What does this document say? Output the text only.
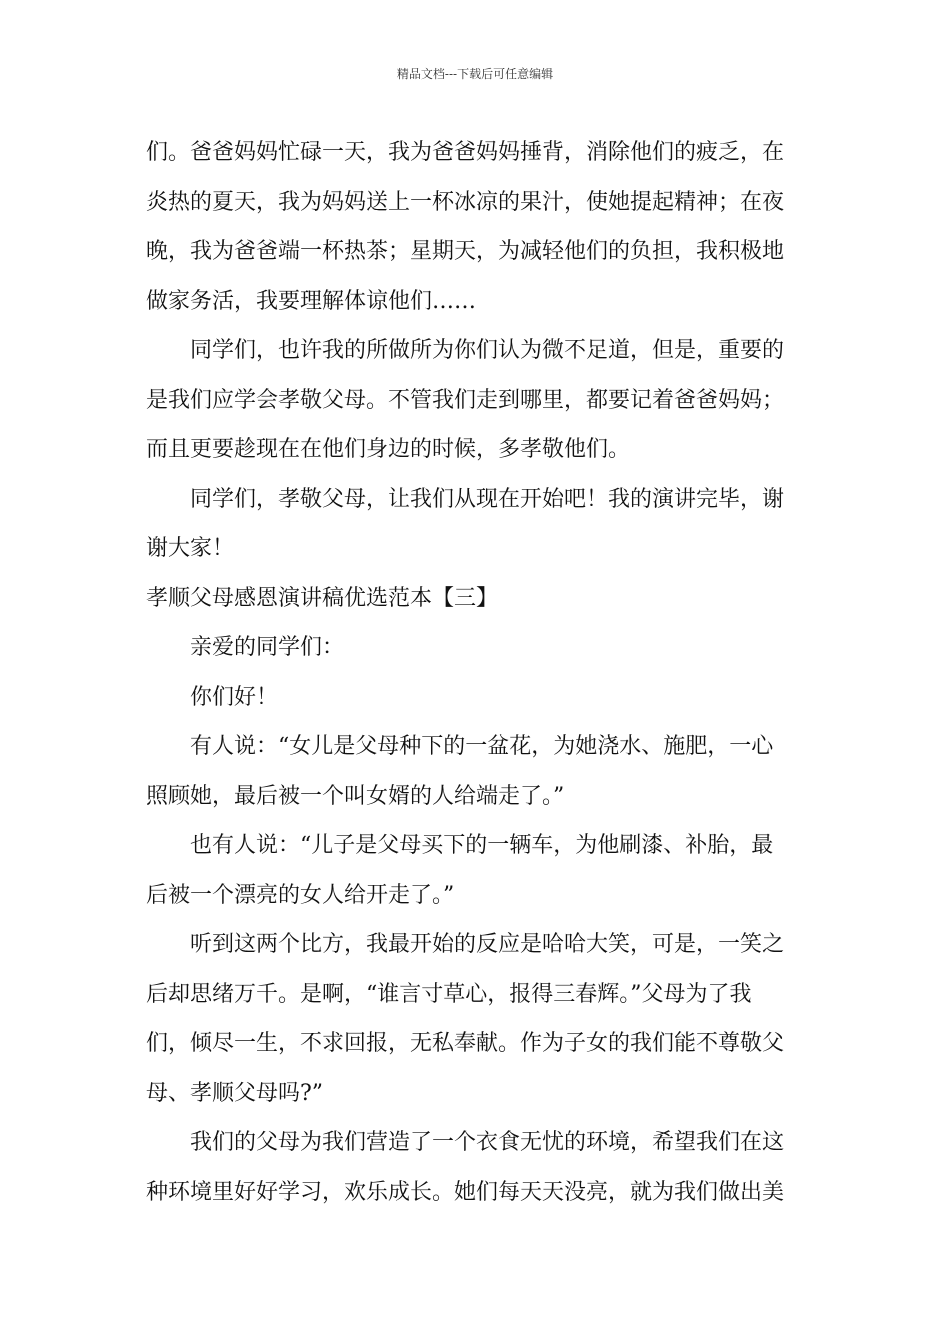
精品文档---下载后可任意编辑
们。爸爸妈妈忙碌一天，我为爸爸妈妈捶背，消除他们的疲乏，在
炎热的夏天，我为妈妈送上一杯冰凉的果汁，使她提起精神；在夜
晚，我为爸爸端一杯热茶；星期天，为减轻他们的负担，我积极地
做家务活，我要理解体谅他们……
同学们，也许我的所做所为你们认为微不足道，但是，重要的
是我们应学会孝敬父母。不管我们走到哪里，都要记着爸爸妈妈；
而且更要趁现在在他们身边的时候，多孝敬他们。
同学们，孝敬父母，让我们从现在开始吧！我的演讲完毕，谢
谢大家！
孝顺父母感恩演讲稿优选范本【三】
亲爱的同学们：
你们好！
有人说：“女儿是父母种下的一盆花，为她浇水、施肥，一心
照顾她，最后被一个叫女婿的人给端走了。”
也有人说：“儿子是父母买下的一辆车，为他刷漆、补胎，最
后被一个漂亮的女人给开走了。”
听到这两个比方，我最开始的反应是哈哈大笑，可是，一笑之
后却思绪万千。是啊，“谁言寸草心，报得三春辉。”父母为了我
们，倾尽一生，不求回报，无私奉献。作为子女的我们能不尊敬父
母、孝顺父母吗?”
我们的父母为我们营造了一个衣食无忧的环境，希望我们在这
种环境里好好学习，欢乐成长。她们每天天没亮，就为我们做出美
